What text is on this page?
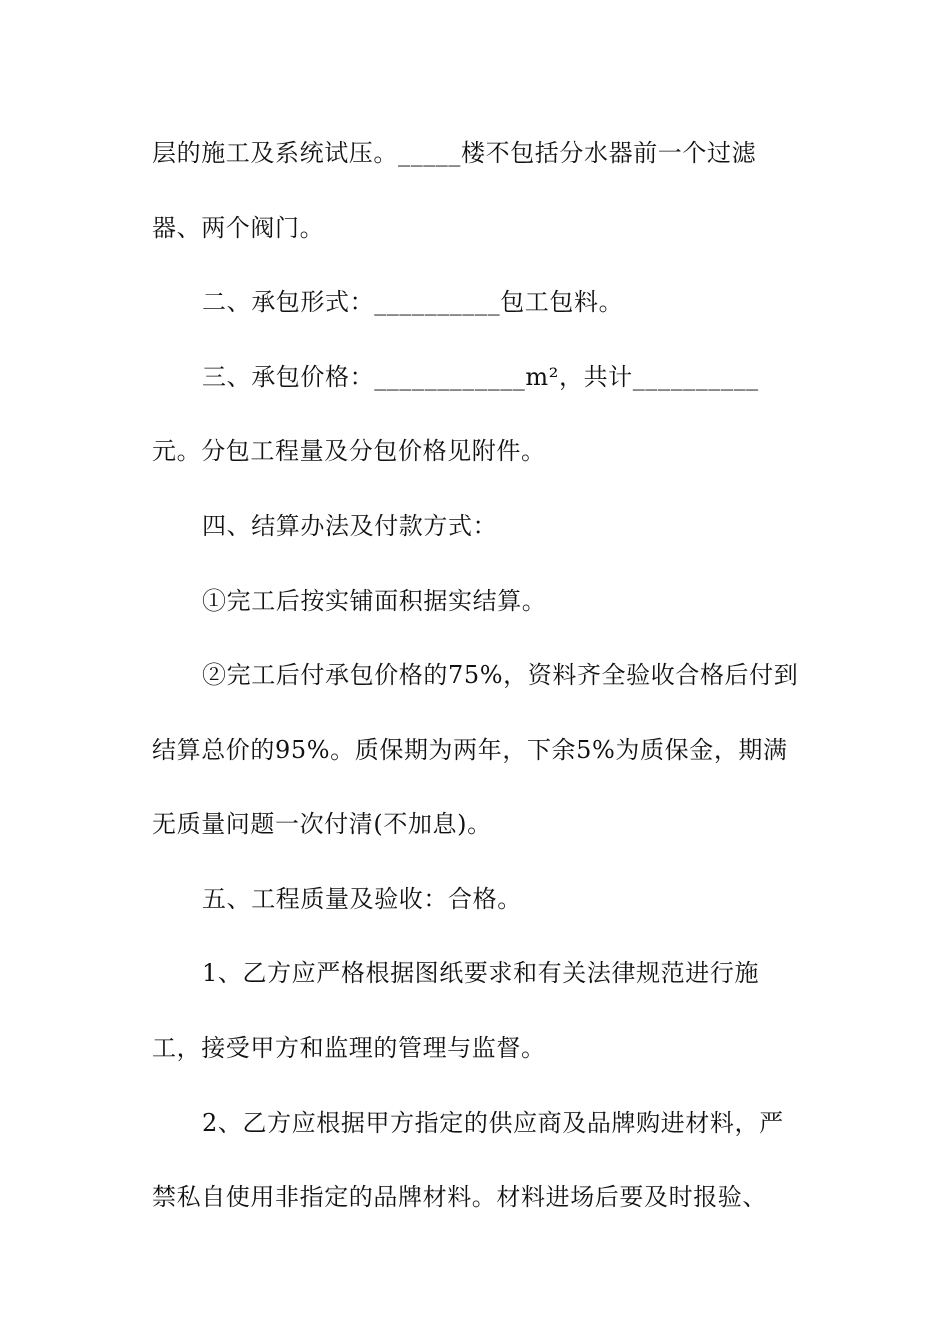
层的施工及系统试压。_____楼不包括分水器前一个过滤
器、两个阀门。
二、承包形式：__________包工包料。
三、承包价格：____________m²，共计__________
元。分包工程量及分包价格见附件。
四、结算办法及付款方式：
①完工后按实铺面积据实结算。
②完工后付承包价格的75%，资料齐全验收合格后付到
结算总价的95%。质保期为两年，下余5%为质保金，期满
无质量问题一次付清(不加息)。
五、工程质量及验收：合格。
1、乙方应严格根据图纸要求和有关法律规范进行施
工，接受甲方和监理的管理与监督。
2、乙方应根据甲方指定的供应商及品牌购进材料，严
禁私自使用非指定的品牌材料。材料进场后要及时报验、
